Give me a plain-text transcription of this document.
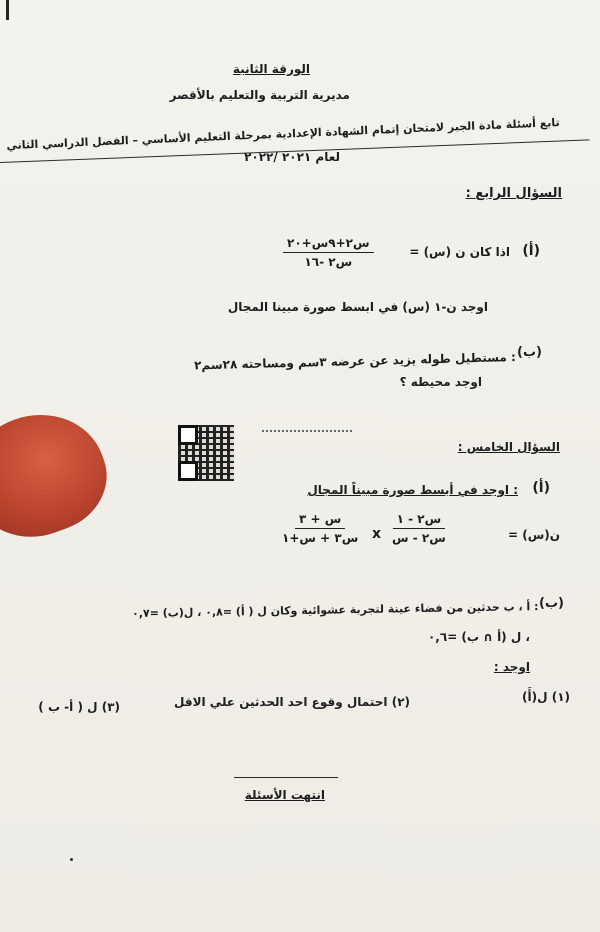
الورقة الثانية
مديرية التربية والتعليم بالأقصر
تابع أسئلة مادة الجبر لامتحان إتمام الشهادة الإعدادية بمرحلة التعليم الأساسي – الفصل الدراسي الثاني
لعام ٢٠٢١ /٢٠٢٢
السؤال الرابع :
(أ)
اذا كان ن (س) =
س٢+٩س+٢٠
س٢ -١٦
اوجد ن-١ (س) في ابسط صورة مبينا المجال
(ب)
: مستطيل طوله يزيد عن عرضه ٣سم ومساحته ٢٨سم٢
اوجد محيطه ؟
السؤال الخامس :
(أ)
: اوجد في أبسط صورة مبيناً المجال
ن(س) =
س٢ - ١
س٢ - س
x
س + ٣
س٣ + س+١
(ب)
: أ ، ب حدثين من فضاء عينة لتجربة عشوائية وكان ل ( أ) =٠,٨ ، ل(ب) =٠,٧
، ل (أ ∩ ب) =٠,٦
اوجد :
(١) ل(أَ)
(٢) احتمال وقوع احد الحدثين علي الاقل
(٣) ل ( أ- ب )
انتهت الأسئلة
